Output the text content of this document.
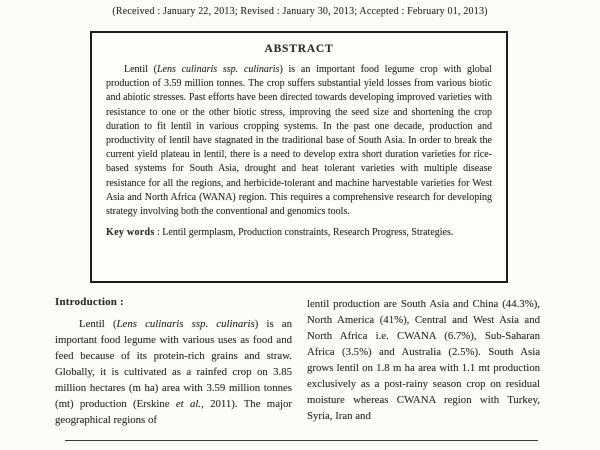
(Received : January 22, 2013; Revised : January 30, 2013; Accepted : February 01, 2013)
ABSTRACT

Lentil (Lens culinaris ssp. culinaris) is an important food legume crop with global production of 3.59 million tonnes. The crop suffers substantial yield losses from various biotic and abiotic stresses. Past efforts have been directed towards developing improved varieties with resistance to one or the other biotic stress, improving the seed size and shortening the crop duration to fit lentil in various cropping systems. In the past one decade, production and productivity of lentil have stagnated in the traditional base of South Asia. In order to break the current yield plateau in lentil, there is a need to develop extra short duration varieties for rice-based systems for South Asia, drought and heat tolerant varieties with multiple disease resistance for all the regions, and herbicide-tolerant and machine harvestable varieties for West Asia and North Africa (WANA) region. This requires a comprehensive research for developing strategy involving both the conventional and genomics tools.

Key words : Lentil germplasm, Production constraints, Research Progress, Strategies.

Introduction :

Lentil (Lens culinaris ssp. culinaris) is an important food legume with various uses as food and feed because of its protein-rich grains and straw. Globally, it is cultivated as a rainfed crop on 3.85 million hectares (m ha) area with 3.59 million tonnes (mt) production (Erskine et al., 2011). The major geographical regions of

lentil production are South Asia and China (44.3%), North America (41%), Central and West Asia and North Africa i.e. CWANA (6.7%), Sub-Saharan Africa (3.5%) and Australia (2.5%). South Asia grows lentil on 1.8 m ha area with 1.1 mt production exclusively as a post-rainy season crop on residual moisture whereas CWANA region with Turkey, Syria, Iran and
